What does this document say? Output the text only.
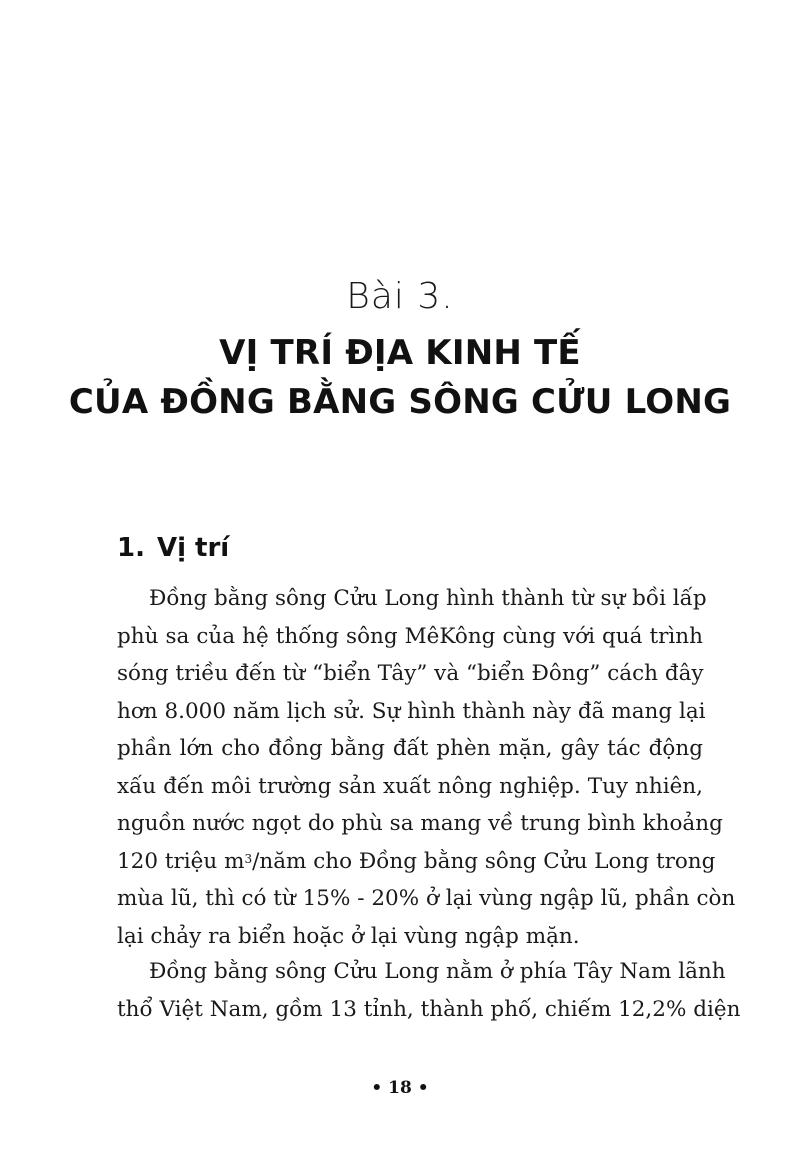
Bài 3.
VỊ TRÍ ĐỊA KINH TẾ
CỦA ĐỒNG BẰNG SÔNG CỬU LONG
1. Vị trí
Đồng bằng sông Cửu Long hình thành từ sự bồi lấp
phù sa của hệ thống sông MêKông cùng với quá trình
sóng triều đến từ “biển Tây” và “biển Đông” cách đây
hơn 8.000 năm lịch sử. Sự hình thành này đã mang lại
phần lớn cho đồng bằng đất phèn mặn, gây tác động
xấu đến môi trường sản xuất nông nghiệp. Tuy nhiên,
nguồn nước ngọt do phù sa mang về trung bình khoảng
120 triệu $m^3$/năm cho Đồng bằng sông Cửu Long trong
mùa lũ, thì có từ 15% - 20% ở lại vùng ngập lũ, phần còn
lại chảy ra biển hoặc ở lại vùng ngập mặn.
Đồng bằng sông Cửu Long nằm ở phía Tây Nam lãnh
thổ Việt Nam, gồm 13 tỉnh, thành phố, chiếm 12,2% diện
• 18 •
